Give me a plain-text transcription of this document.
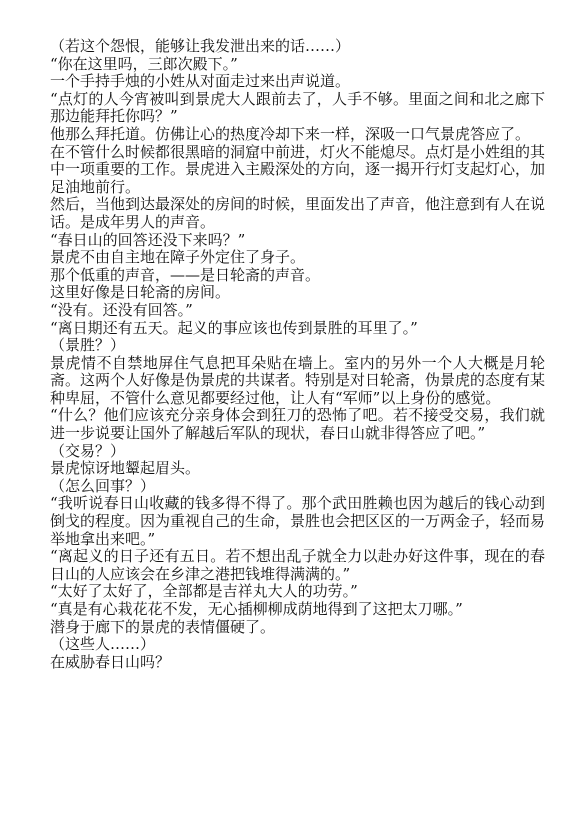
（若这个怨恨，能够让我发泄出来的话……）

“你在这里吗，三郎次殿下。”

一个手持手烛的小姓从对面走过来出声说道。

“点灯的人今宵被叫到景虎大人跟前去了，人手不够。里面之间和北之廊下那边能拜托你吗？”

他那么拜托道。仿佛让心的热度冷却下来一样，深吸一口气景虎答应了。

在不管什么时候都很黑暗的洞窟中前进，灯火不能熄尽。点灯是小姓组的其中一项重要的工作。景虎进入主殿深处的方向，逐一揭开行灯支起灯心，加足油地前行。

然后，当他到达最深处的房间的时候，里面发出了声音，他注意到有人在说话。是成年男人的声音。

“春日山的回答还没下来吗？”

景虎不由自主地在障子外定住了身子。

那个低重的声音，——是日轮斋的声音。

这里好像是日轮斋的房间。

“没有。还没有回答。”

“离日期还有五天。起义的事应该也传到景胜的耳里了。”

（景胜？）

景虎情不自禁地屏住气息把耳朵贴在墙上。室内的另外一个人大概是月轮斋。这两个人好像是伪景虎的共谋者。特别是对日轮斋，伪景虎的态度有某种卑屈，不管什么意见都要经过他，让人有“军师”以上身份的感觉。

“什么？他们应该充分亲身体会到狂刀的恐怖了吧。若不接受交易，我们就进一步说要让国外了解越后军队的现状，春日山就非得答应了吧。”

（交易？）

景虎惊讶地颦起眉头。

（怎么回事？）

“我听说春日山收藏的钱多得不得了。那个武田胜赖也因为越后的钱心动到倒戈的程度。因为重视自己的生命，景胜也会把区区的一万两金子，轻而易举地拿出来吧。”

“离起义的日子还有五日。若不想出乱子就全力以赴办好这件事，现在的春日山的人应该会在乡津之港把钱堆得满满的。”

“太好了太好了，全部都是吉祥丸大人的功劳。”

“真是有心栽花花不发，无心插柳柳成荫地得到了这把太刀哪。”

潜身于廊下的景虎的表情僵硬了。

（这些人……）

在威胁春日山吗？
